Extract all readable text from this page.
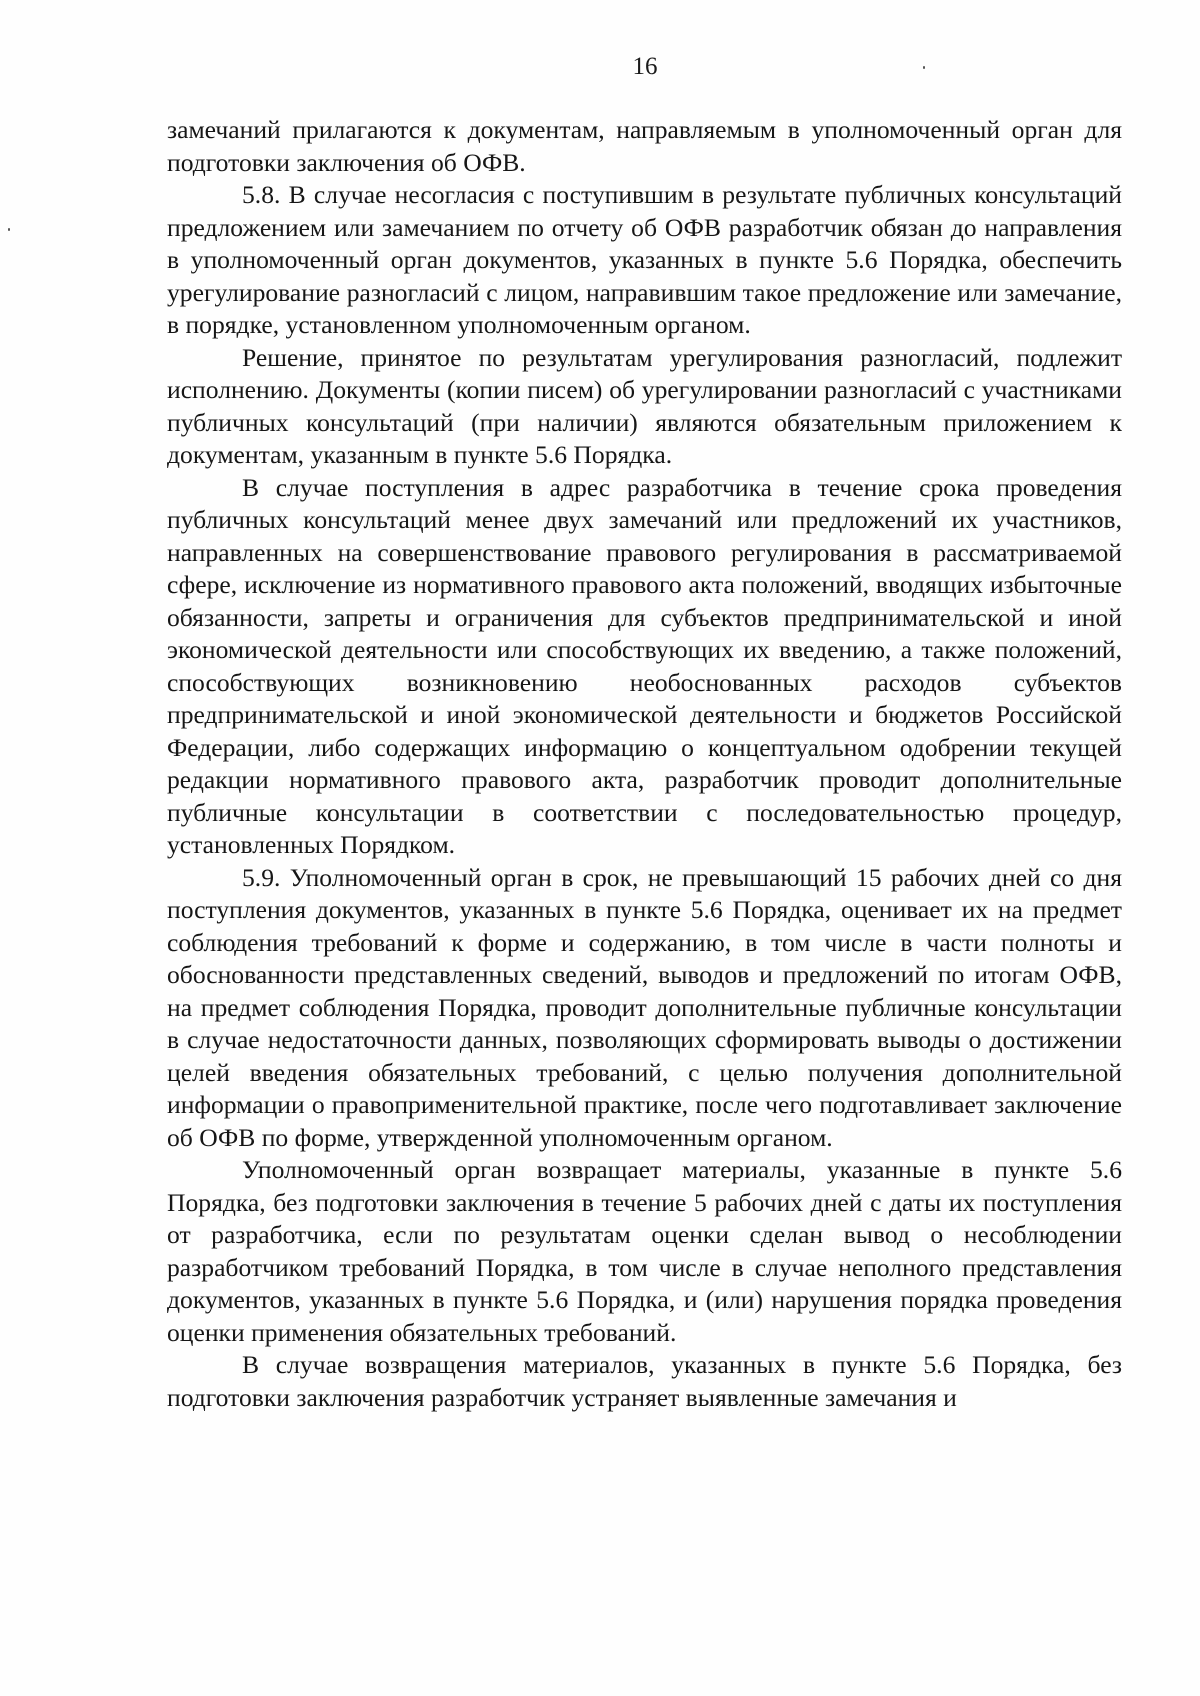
16

замечаний прилагаются к документам, направляемым в уполномоченный орган для подготовки заключения об ОФВ.

5.8. В случае несогласия с поступившим в результате публичных консультаций предложением или замечанием по отчету об ОФВ разработчик обязан до направления в уполномоченный орган документов, указанных в пункте 5.6 Порядка, обеспечить урегулирование разногласий с лицом, направившим такое предложение или замечание, в порядке, установленном уполномоченным органом.

Решение, принятое по результатам урегулирования разногласий, подлежит исполнению. Документы (копии писем) об урегулировании разногласий с участниками публичных консультаций (при наличии) являются обязательным приложением к документам, указанным в пункте 5.6 Порядка.

В случае поступления в адрес разработчика в течение срока проведения публичных консультаций менее двух замечаний или предложений их участников, направленных на совершенствование правового регулирования в рассматриваемой сфере, исключение из нормативного правового акта положений, вводящих избыточные обязанности, запреты и ограничения для субъектов предпринимательской и иной экономической деятельности или способствующих их введению, а также положений, способствующих возникновению необоснованных расходов субъектов предпринимательской и иной экономической деятельности и бюджетов Российской Федерации, либо содержащих информацию о концептуальном одобрении текущей редакции нормативного правового акта, разработчик проводит дополнительные публичные консультации в соответствии с последовательностью процедур, установленных Порядком.

5.9. Уполномоченный орган в срок, не превышающий 15 рабочих дней со дня поступления документов, указанных в пункте 5.6 Порядка, оценивает их на предмет соблюдения требований к форме и содержанию, в том числе в части полноты и обоснованности представленных сведений, выводов и предложений по итогам ОФВ, на предмет соблюдения Порядка, проводит дополнительные публичные консультации в случае недостаточности данных, позволяющих сформировать выводы о достижении целей введения обязательных требований, с целью получения дополнительной информации о правоприменительной практике, после чего подготавливает заключение об ОФВ по форме, утвержденной уполномоченным органом.

Уполномоченный орган возвращает материалы, указанные в пункте 5.6 Порядка, без подготовки заключения в течение 5 рабочих дней с даты их поступления от разработчика, если по результатам оценки сделан вывод о несоблюдении разработчиком требований Порядка, в том числе в случае неполного представления документов, указанных в пункте 5.6 Порядка, и (или) нарушения порядка проведения оценки применения обязательных требований.

В случае возвращения материалов, указанных в пункте 5.6 Порядка, без подготовки заключения разработчик устраняет выявленные замечания и
